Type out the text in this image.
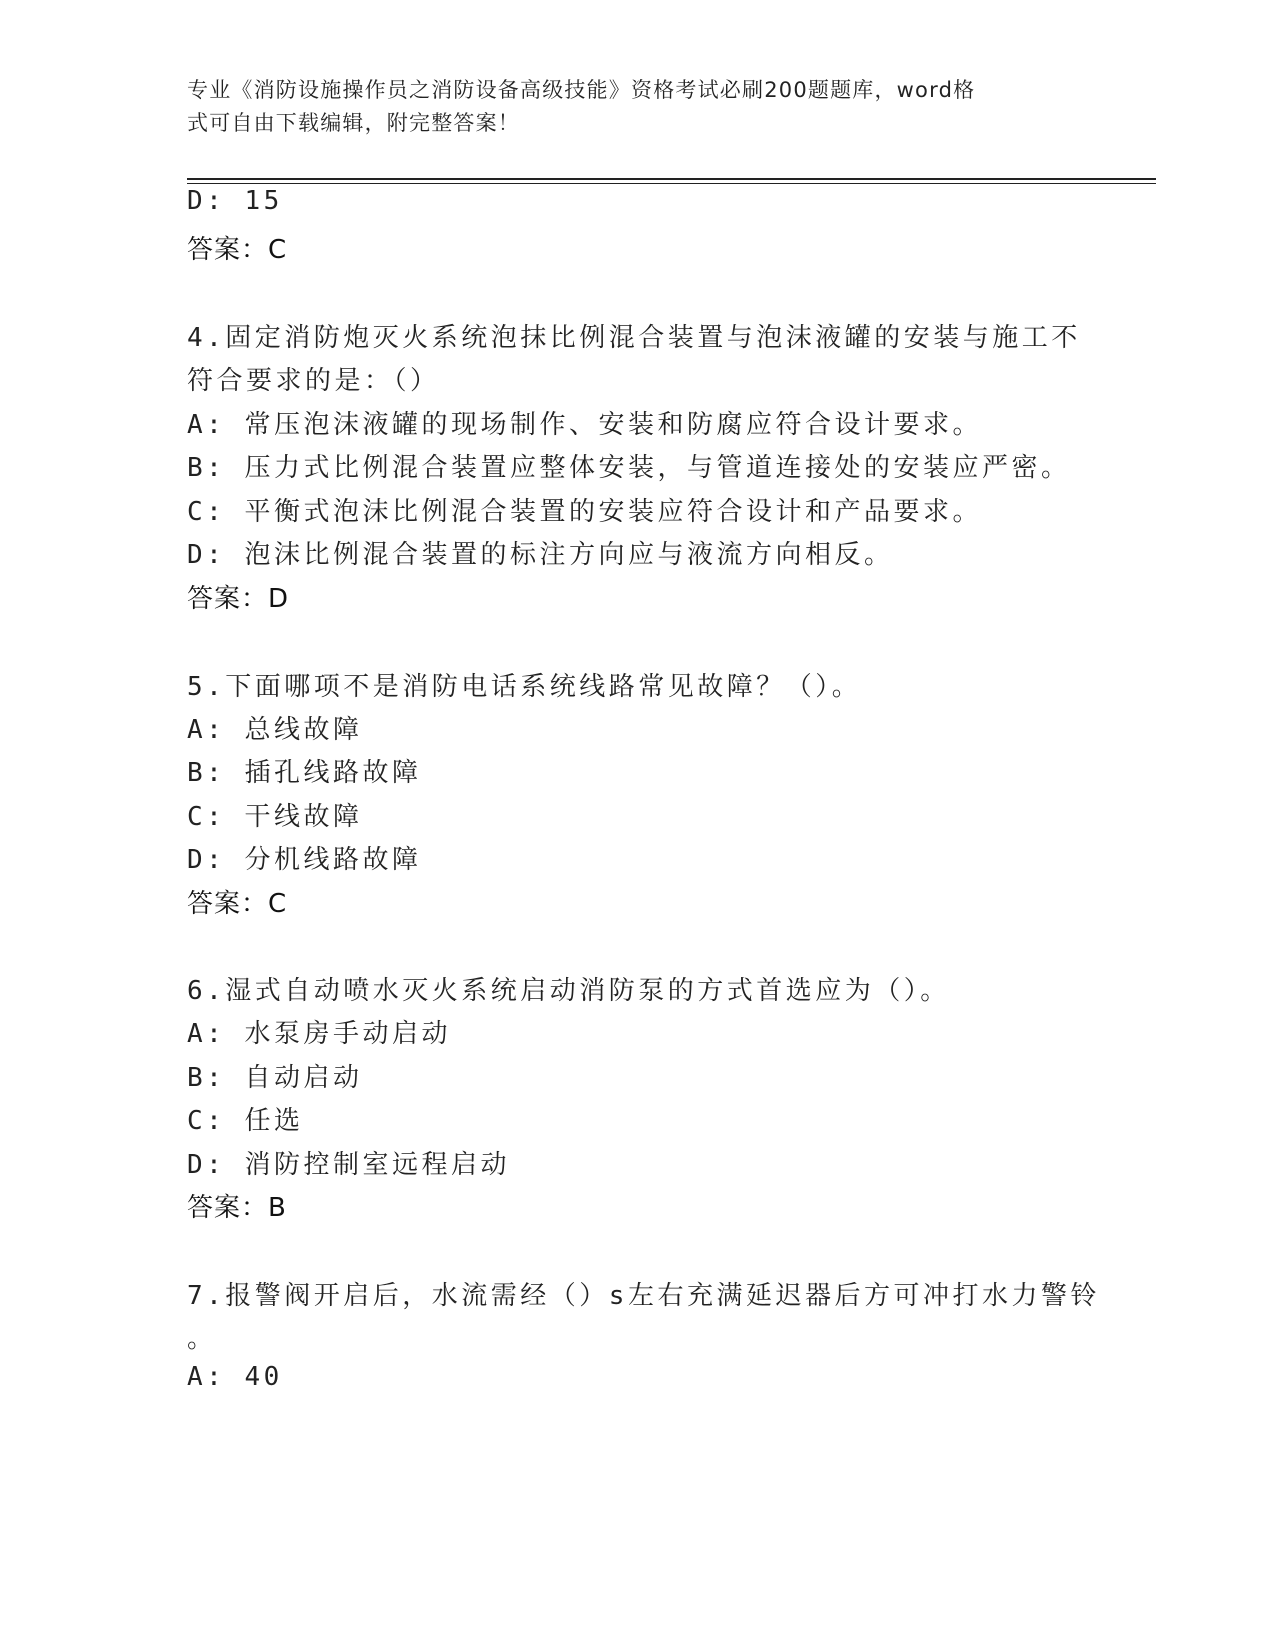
专业《消防设施操作员之消防设备高级技能》资格考试必刷200题题库，word格
式可自由下载编辑，附完整答案！
D: 15
答案：C
4.固定消防炮灭火系统泡抹比例混合装置与泡沫液罐的安装与施工不
符合要求的是：（）
A: 常压泡沫液罐的现场制作、安装和防腐应符合设计要求。
B: 压力式比例混合装置应整体安装，与管道连接处的安装应严密。
C: 平衡式泡沫比例混合装置的安装应符合设计和产品要求。
D: 泡沫比例混合装置的标注方向应与液流方向相反。
答案：D
5.下面哪项不是消防电话系统线路常见故障？（）。
A: 总线故障
B: 插孔线路故障
C: 干线故障
D: 分机线路故障
答案：C
6.湿式自动喷水灭火系统启动消防泵的方式首选应为（）。
A: 水泵房手动启动
B: 自动启动
C: 任选
D: 消防控制室远程启动
答案：B
7.报警阀开启后，水流需经（）s左右充满延迟器后方可冲打水力警铃
。
A: 40
